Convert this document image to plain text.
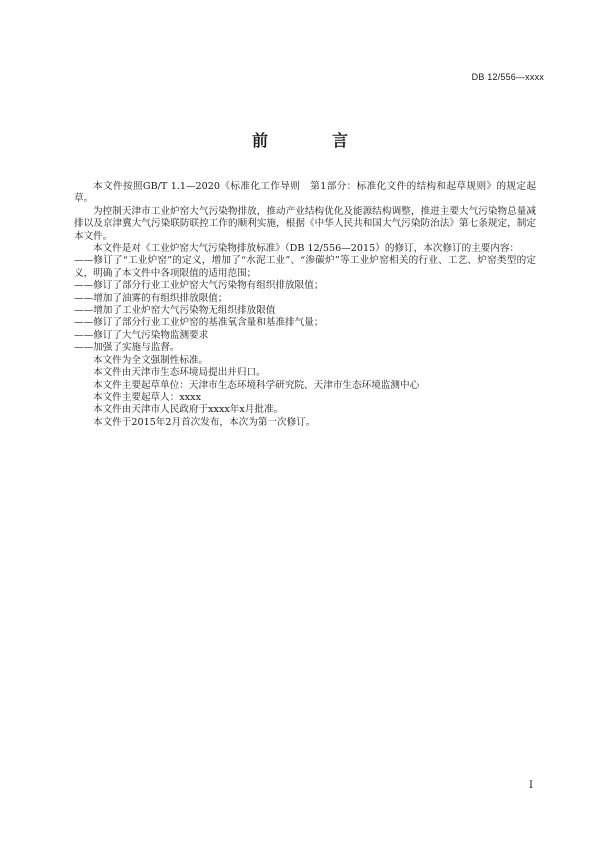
DB 12/556—xxxx
前　言

本文件按照GB/T 1.1—2020《标准化工作导则　第1部分：标准化文件的结构和起草规则》的规定起草。

为控制天津市工业炉窑大气污染物排放，推动产业结构优化及能源结构调整，推进主要大气污染物总量减排以及京津冀大气污染联防联控工作的顺利实施，根据《中华人民共和国大气污染防治法》第七条规定，制定本文件。

本文件是对《工业炉窑大气污染物排放标准》（DB 12/556—2015）的修订，本次修订的主要内容：

——修订了“工业炉窑”的定义，增加了“水泥工业”、“渗碳炉”等工业炉窑相关的行业、工艺、炉窑类型的定义，明确了本文件中各项限值的适用范围；

——修订了部分行业工业炉窑大气污染物有组织排放限值；

——增加了油雾的有组织排放限值；

——增加了工业炉窑大气污染物无组织排放限值

——修订了部分行业工业炉窑的基准氧含量和基准排气量；

——修订了大气污染物监测要求

——加强了实施与监督。

本文件为全文强制性标准。

本文件由天津市生态环境局提出并归口。

本文件主要起草单位：天津市生态环境科学研究院、天津市生态环境监测中心

本文件主要起草人：xxxx

本文件由天津市人民政府于xxxx年x月批准。

本文件于2015年2月首次发布，本次为第一次修订。

I
